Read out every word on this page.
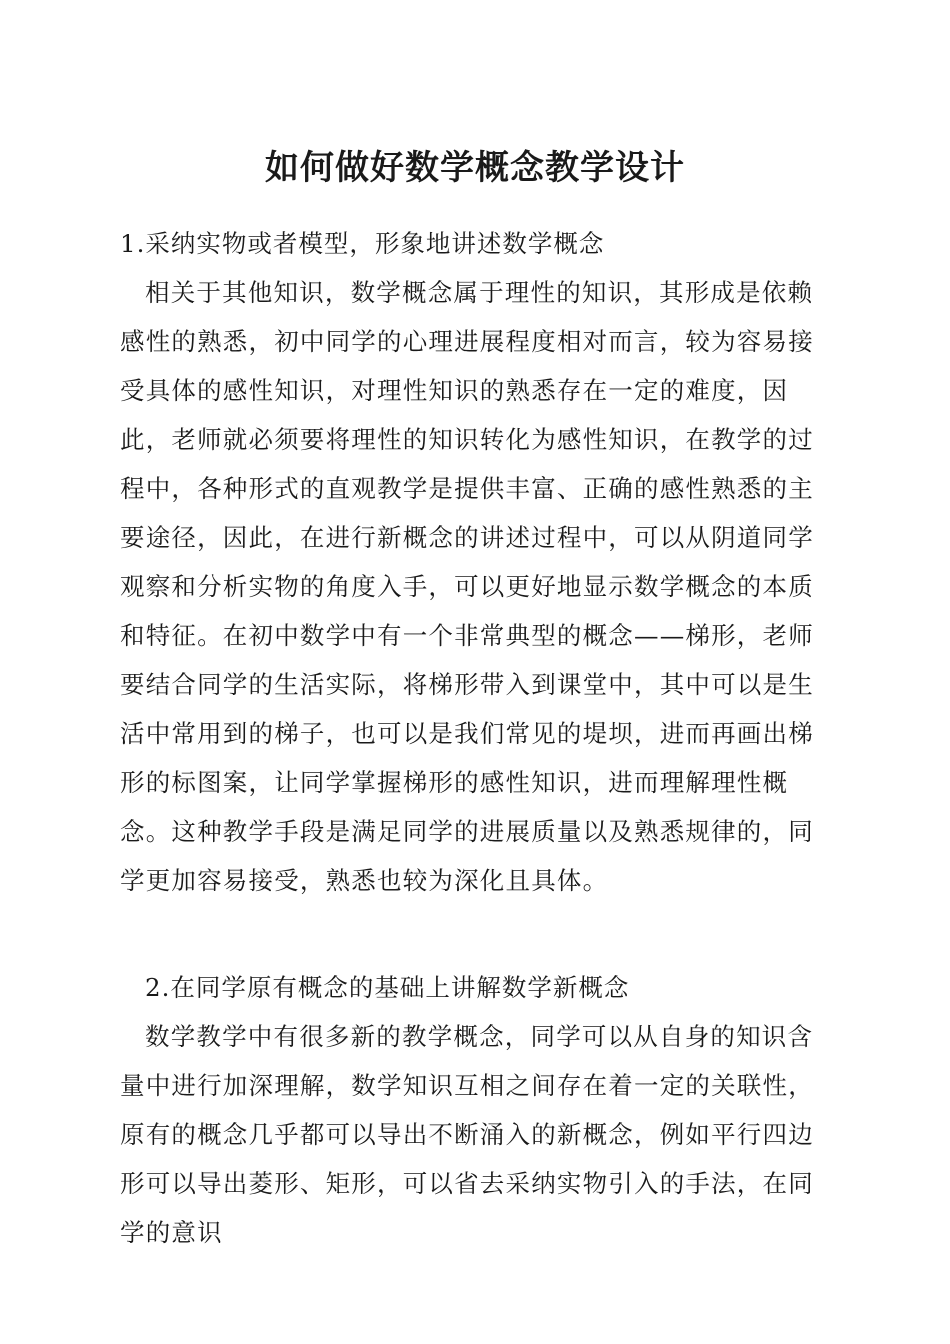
如何做好数学概念教学设计

1.采纳实物或者模型，形象地讲述数学概念

相关于其他知识，数学概念属于理性的知识，其形成是依赖感性的熟悉，初中同学的心理进展程度相对而言，较为容易接受具体的感性知识，对理性知识的熟悉存在一定的难度，因此，老师就必须要将理性的知识转化为感性知识，在教学的过程中，各种形式的直观教学是提供丰富、正确的感性熟悉的主要途径，因此，在进行新概念的讲述过程中，可以从阴道同学观察和分析实物的角度入手，可以更好地显示数学概念的本质和特征。在初中数学中有一个非常典型的概念——梯形，老师要结合同学的生活实际，将梯形带入到课堂中，其中可以是生活中常用到的梯子，也可以是我们常见的堤坝，进而再画出梯形的标图案，让同学掌握梯形的感性知识，进而理解理性概念。这种教学手段是满足同学的进展质量以及熟悉规律的，同学更加容易接受，熟悉也较为深化且具体。

2.在同学原有概念的基础上讲解数学新概念

数学教学中有很多新的教学概念，同学可以从自身的知识含量中进行加深理解，数学知识互相之间存在着一定的关联性，原有的概念几乎都可以导出不断涌入的新概念，例如平行四边形可以导出菱形、矩形，可以省去采纳实物引入的手法，在同学的意识
